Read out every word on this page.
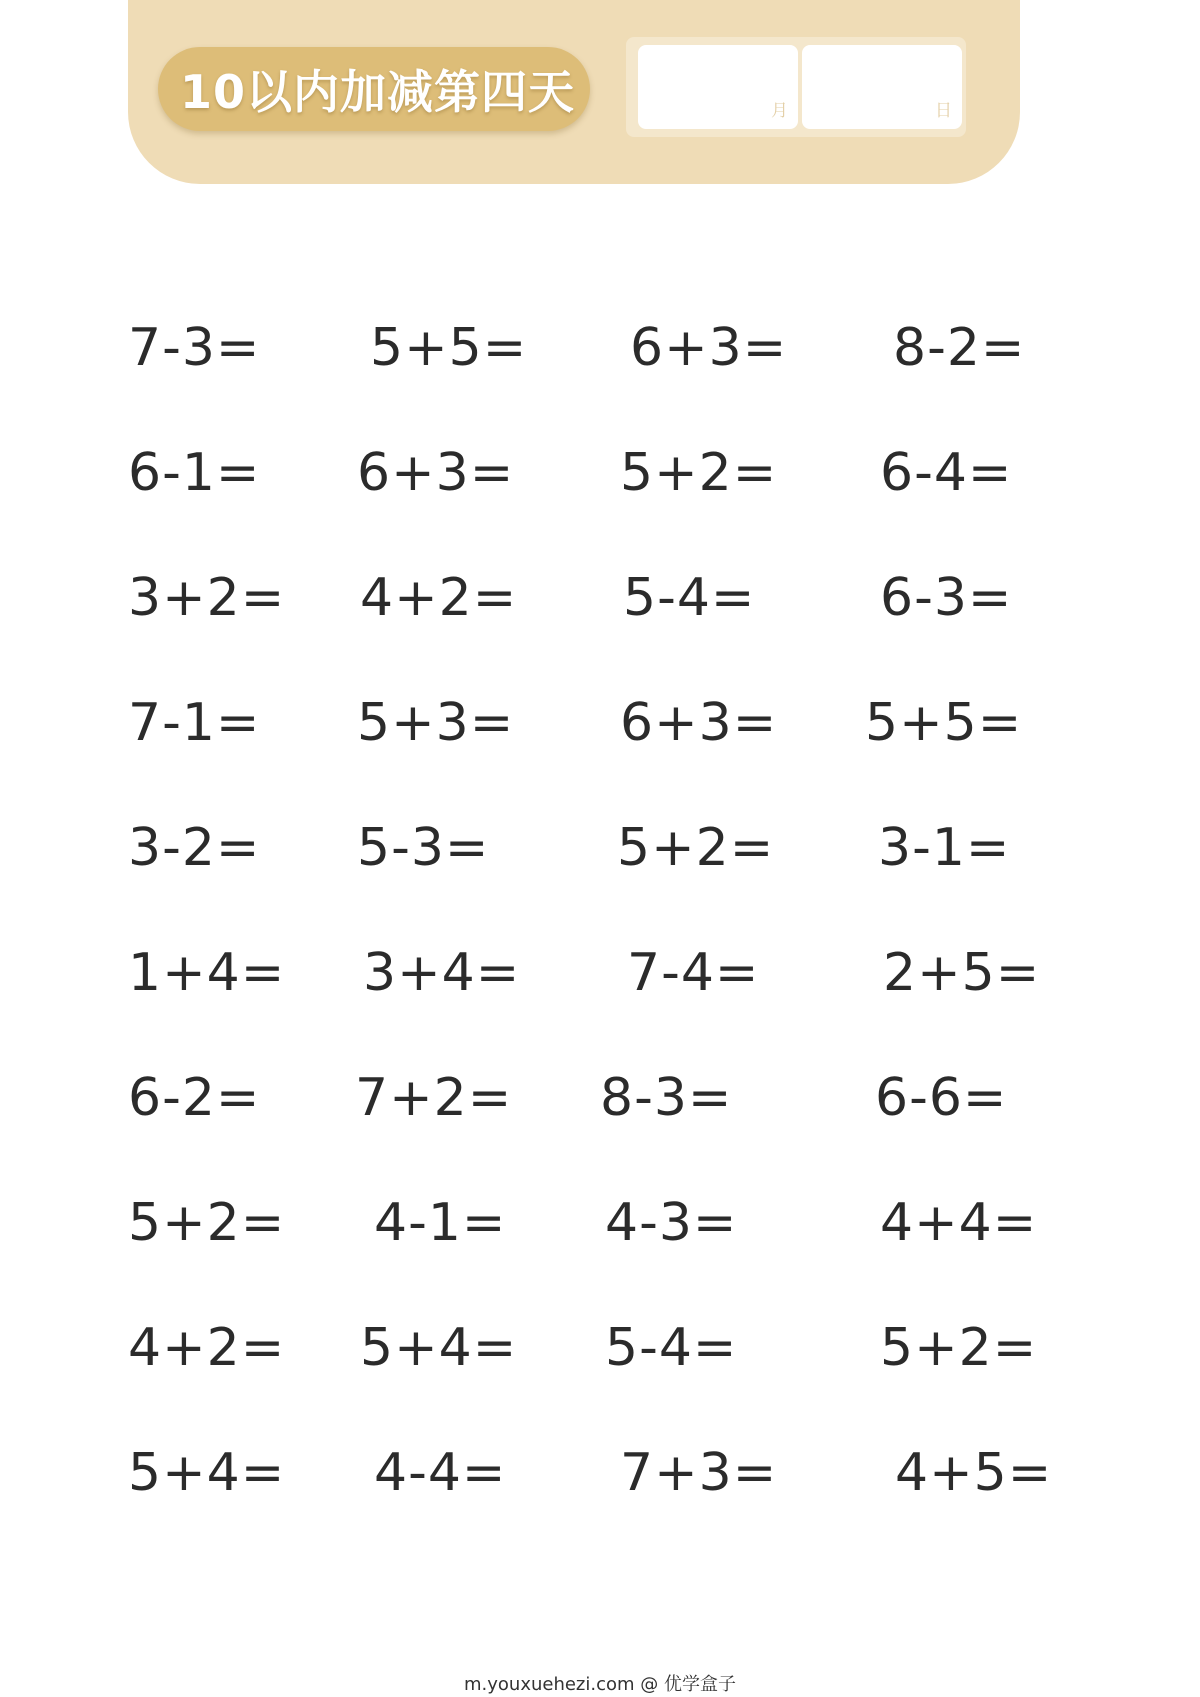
10以内加减第四天	月	日
7-3= 5+5= 6+3= 8-2=
6-1= 6+3= 5+2= 6-4=
3+2= 4+2= 5-4= 6-3=
7-1= 5+3= 6+3= 5+5=
3-2= 5-3= 5+2= 3-1=
1+4= 3+4= 7-4= 2+5=
6-2= 7+2= 8-3=	6-6=
5+2= 4-1= 4-3=	4+4=
4+2= 5+4= 5-4=	5+2=
5+4= 4-4= 7+3= 4+5=
m.youxuehezi.com @ 优学盒子
